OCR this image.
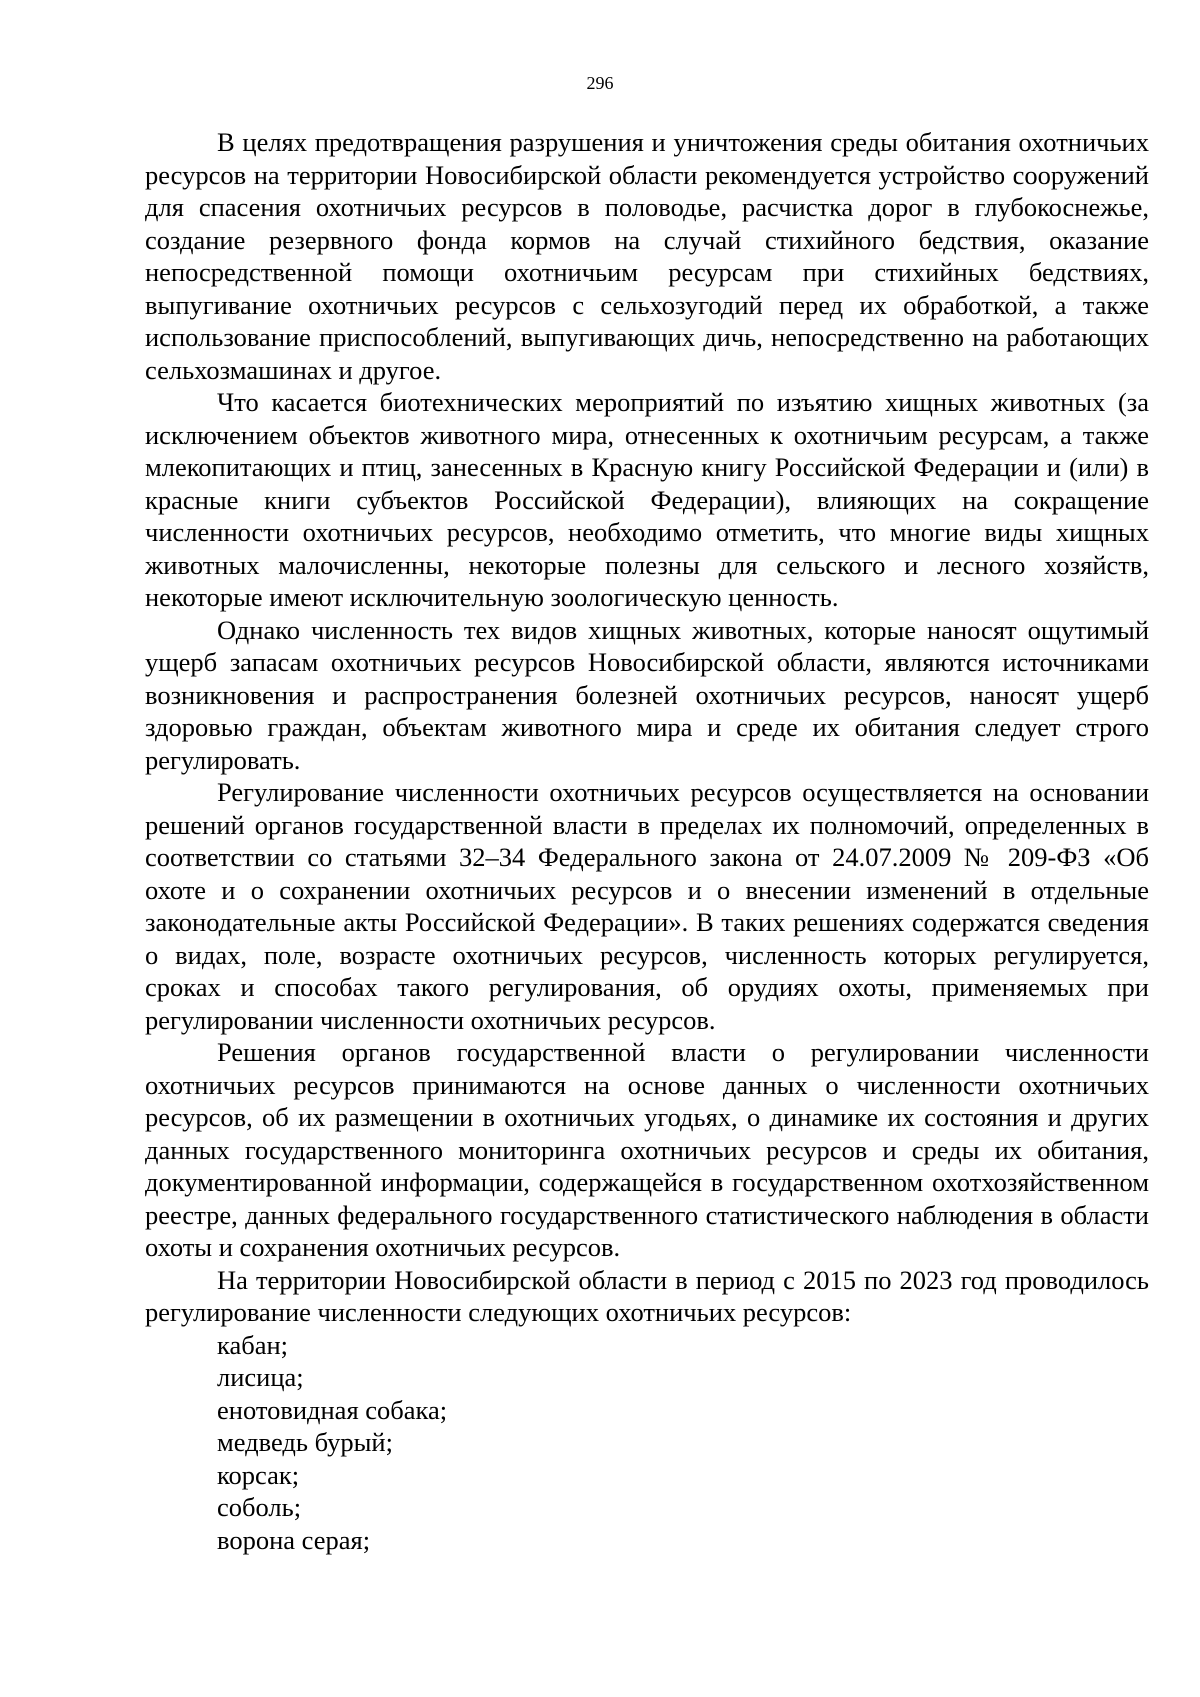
296

В целях предотвращения разрушения и уничтожения среды обитания охотничьих ресурсов на территории Новосибирской области рекомендуется устройство сооружений для спасения охотничьих ресурсов в половодье, расчистка дорог в глубокоснежье, создание резервного фонда кормов на случай стихийного бедствия, оказание непосредственной помощи охотничьим ресурсам при стихийных бедствиях, выпугивание охотничьих ресурсов с сельхозугодий перед их обработкой, а также использование приспособлений, выпугивающих дичь, непосредственно на работающих сельхозмашинах и другое.

Что касается биотехнических мероприятий по изъятию хищных животных (за исключением объектов животного мира, отнесенных к охотничьим ресурсам, а также млекопитающих и птиц, занесенных в Красную книгу Российской Федерации и (или) в красные книги субъектов Российской Федерации), влияющих на сокращение численности охотничьих ресурсов, необходимо отметить, что многие виды хищных животных малочисленны, некоторые полезны для сельского и лесного хозяйств, некоторые имеют исключительную зоологическую ценность.

Однако численность тех видов хищных животных, которые наносят ощутимый ущерб запасам охотничьих ресурсов Новосибирской области, являются источниками возникновения и распространения болезней охотничьих ресурсов, наносят ущерб здоровью граждан, объектам животного мира и среде их обитания следует строго регулировать.

Регулирование численности охотничьих ресурсов осуществляется на основании решений органов государственной власти в пределах их полномочий, определенных в соответствии со статьями 32–34 Федерального закона от 24.07.2009 № 209-ФЗ «Об охоте и о сохранении охотничьих ресурсов и о внесении изменений в отдельные законодательные акты Российской Федерации». В таких решениях содержатся сведения о видах, поле, возрасте охотничьих ресурсов, численность которых регулируется, сроках и способах такого регулирования, об орудиях охоты, применяемых при регулировании численности охотничьих ресурсов.

Решения органов государственной власти о регулировании численности охотничьих ресурсов принимаются на основе данных о численности охотничьих ресурсов, об их размещении в охотничьих угодьях, о динамике их состояния и других данных государственного мониторинга охотничьих ресурсов и среды их обитания, документированной информации, содержащейся в государственном охотхозяйственном реестре, данных федерального государственного статистического наблюдения в области охоты и сохранения охотничьих ресурсов.

На территории Новосибирской области в период с 2015 по 2023 год проводилось регулирование численности следующих охотничьих ресурсов:

кабан;
лисица;
енотовидная собака;
медведь бурый;
корсак;
соболь;
ворона серая;
